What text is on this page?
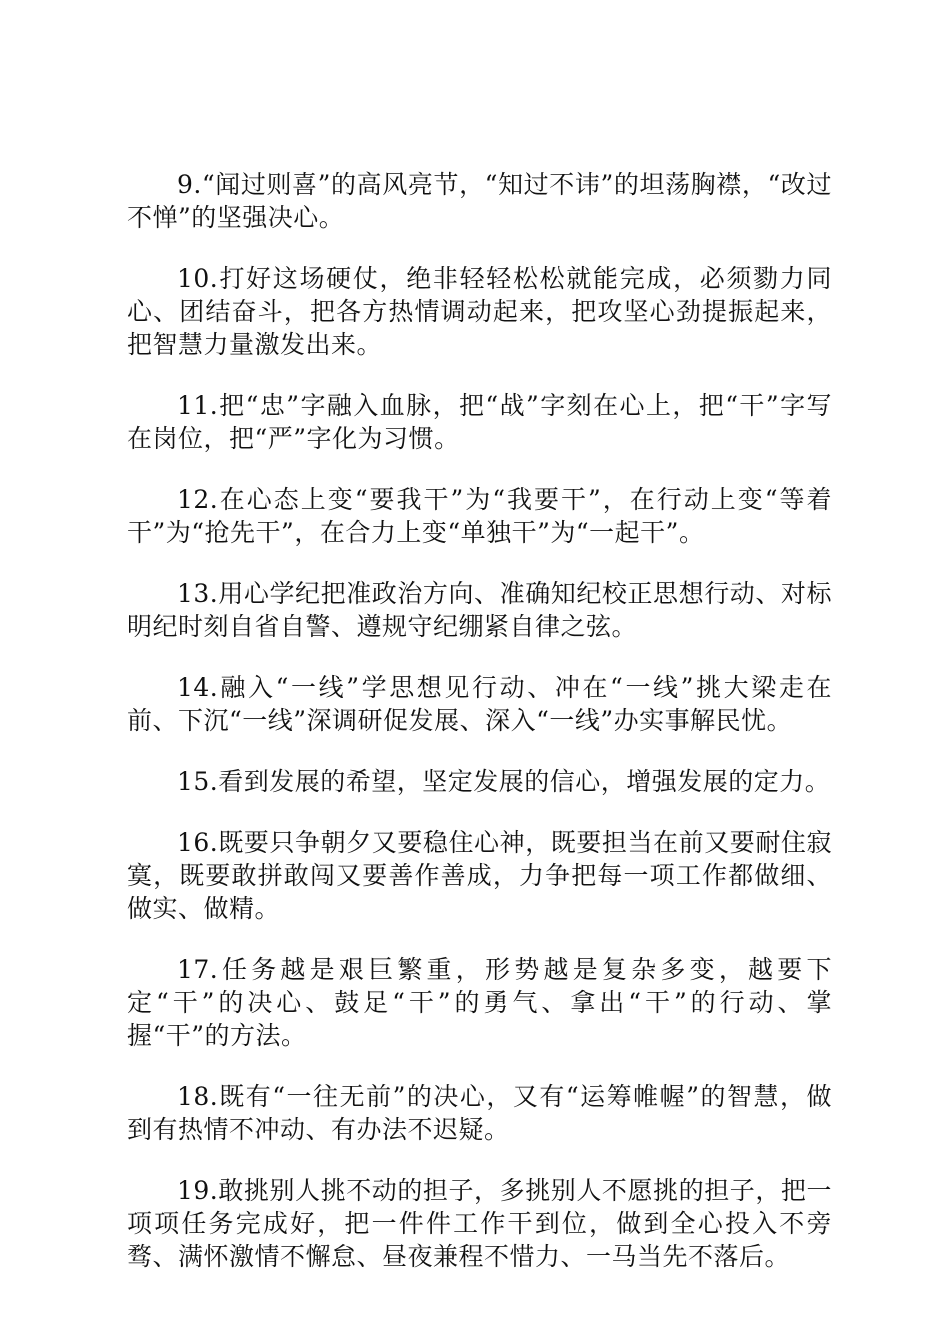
9.“闻过则喜”的高风亮节，“知过不讳”的坦荡胸襟，“改过不惮”的坚强决心。

10.打好这场硬仗，绝非轻轻松松就能完成，必须勠力同心、团结奋斗，把各方热情调动起来，把攻坚心劲提振起来，把智慧力量激发出来。

11.把“忠”字融入血脉，把“战”字刻在心上，把“干”字写在岗位，把“严”字化为习惯。

12.在心态上变“要我干”为“我要干”，在行动上变“等着干”为“抢先干”，在合力上变“单独干”为“一起干”。

13.用心学纪把准政治方向、准确知纪校正思想行动、对标明纪时刻自省自警、遵规守纪绷紧自律之弦。

14.融入“一线”学思想见行动、冲在“一线”挑大梁走在前、下沉“一线”深调研促发展、深入“一线”办实事解民忧。

15.看到发展的希望，坚定发展的信心，增强发展的定力。

16.既要只争朝夕又要稳住心神，既要担当在前又要耐住寂寞，既要敢拼敢闯又要善作善成，力争把每一项工作都做细、做实、做精。

17.任务越是艰巨繁重，形势越是复杂多变，越要下定“干”的决心、鼓足“干”的勇气、拿出“干”的行动、掌握“干”的方法。

18.既有“一往无前”的决心，又有“运筹帷幄”的智慧，做到有热情不冲动、有办法不迟疑。

19.敢挑别人挑不动的担子，多挑别人不愿挑的担子，把一项项任务完成好，把一件件工作干到位，做到全心投入不旁骛、满怀激情不懈怠、昼夜兼程不惜力、一马当先不落后。
